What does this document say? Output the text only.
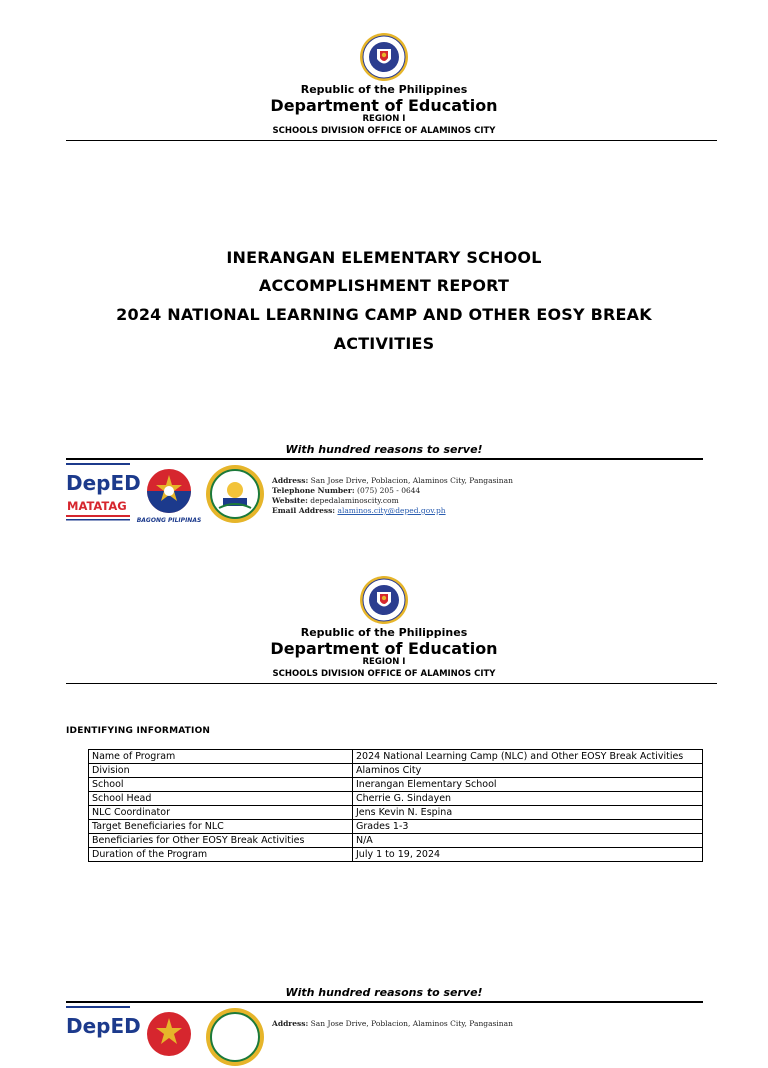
Republic of the Philippines
Department of Education
REGION I
SCHOOLS DIVISION OFFICE OF ALAMINOS CITY
INERANGAN ELEMENTARY SCHOOL
ACCOMPLISHMENT REPORT
2024 NATIONAL LEARNING CAMP AND OTHER EOSY BREAK
ACTIVITIES
With hundred reasons to serve!
DepED
MATATAG
BAGONG PILIPINAS
Address: San Jose Drive, Poblacion, Alaminos City, Pangasinan
Telephone Number: (075) 205 - 0644
Website: depedalaminoscity.com
Email Address: alaminos.city@deped.gov.ph
Republic of the Philippines
Department of Education
REGION I
SCHOOLS DIVISION OFFICE OF ALAMINOS CITY
IDENTIFYING INFORMATION
Name of Program	2024 National Learning Camp (NLC) and Other EOSY Break Activities
Division	Alaminos City
School	Inerangan Elementary School
School Head	Cherrie G. Sindayen
NLC Coordinator	Jens Kevin N. Espina
Target Beneficiaries for NLC	Grades 1-3
Beneficiaries for Other EOSY Break Activities	N/A
Duration of the Program	July 1 to 19, 2024
With hundred reasons to serve!
DepED	Address: San Jose Drive, Poblacion, Alaminos City, Pangasinan
